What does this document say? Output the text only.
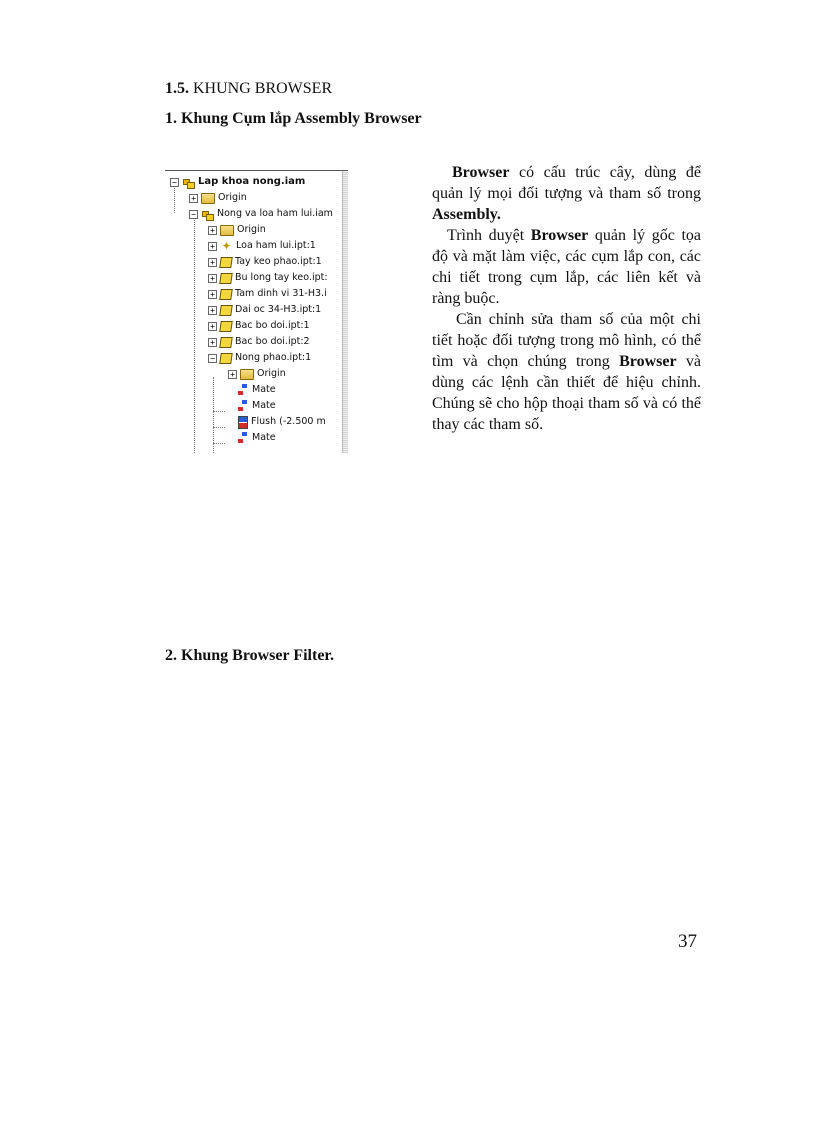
1.5. KHUNG BROWSER
1. Khung Cụm lắp Assembly Browser
− Lap khoa nong.iam
+ Origin
− Nong va loa ham lui.iam
+ Origin
+ ✦ Loa ham lui.ipt:1
+ Tay keo phao.ipt:1
+ Bu long tay keo.ipt:
+ Tam dinh vi 31-H3.i
+ Dai oc 34-H3.ipt:1
+ Bac bo doi.ipt:1
+ Bac bo doi.ipt:2
− Nong phao.ipt:1
+ Origin
Mate
Mate
Flush (-2.500 m
Mate
Browser có cấu trúc cây, dùng để quản lý mọi đối tượng và tham số trong Assembly.
Trình duyệt Browser quản lý gốc tọa độ và mặt làm việc, các cụm lắp con, các chi tiết trong cụm lắp, các liên kết và ràng buộc.
Cần chỉnh sửa tham số của một chi tiết hoặc đối tượng trong mô hình, có thể tìm và chọn chúng trong Browser và dùng các lệnh cần thiết để hiệu chỉnh. Chúng sẽ cho hộp thoại tham số và có thể thay các tham số.
2. Khung Browser Filter.
37
